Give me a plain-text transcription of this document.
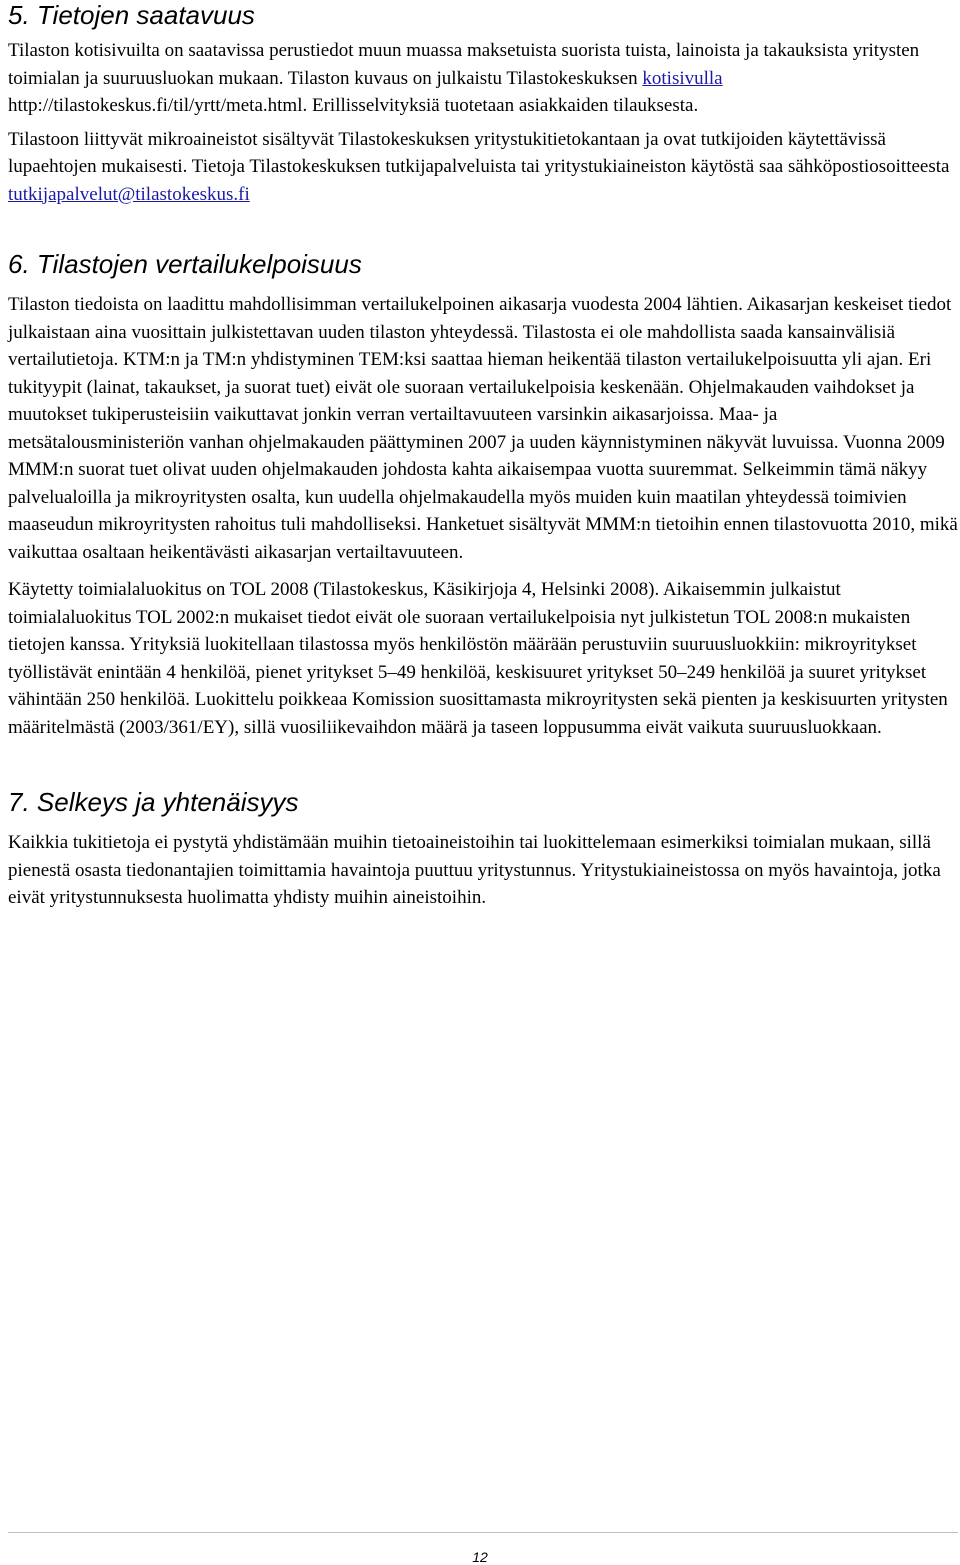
5. Tietojen saatavuus

Tilaston kotisivuilta on saatavissa perustiedot muun muassa maksetuista suorista tuista, lainoista ja takauksista yritysten toimialan ja suuruusluokan mukaan. Tilaston kuvaus on julkaistu Tilastokeskuksen kotisivulla http://tilastokeskus.fi/til/yrtt/meta.html. Erillisselvityksiä tuotetaan asiakkaiden tilauksesta.

Tilastoon liittyvät mikroaineistot sisältyvät Tilastokeskuksen yritystukitietokantaan ja ovat tutkijoiden käytettävissä lupaehtojen mukaisesti. Tietoja Tilastokeskuksen tutkijapalveluista tai yritystukiaineiston käytöstä saa sähköpostiosoitteesta tutkijapalvelut@tilastokeskus.fi

6. Tilastojen vertailukelpoisuus

Tilaston tiedoista on laadittu mahdollisimman vertailukelpoinen aikasarja vuodesta 2004 lähtien. Aikasarjan keskeiset tiedot julkaistaan aina vuosittain julkistettavan uuden tilaston yhteydessä. Tilastosta ei ole mahdollista saada kansainvälisiä vertailutietoja. KTM:n ja TM:n yhdistyminen TEM:ksi saattaa hieman heikentää tilaston vertailukelpoisuutta yli ajan. Eri tukityypit (lainat, takaukset, ja suorat tuet) eivät ole suoraan vertailukelpoisia keskenään. Ohjelmakauden vaihdokset ja muutokset tukiperusteisiin vaikuttavat jonkin verran vertailtavuuteen varsinkin aikasarjoissa. Maa- ja metsätalousministeriön vanhan ohjelmakauden päättyminen 2007 ja uuden käynnistyminen näkyvät luvuissa. Vuonna 2009 MMM:n suorat tuet olivat uuden ohjelmakauden johdosta kahta aikaisempaa vuotta suuremmat. Selkeimmin tämä näkyy palvelualoilla ja mikroyritysten osalta, kun uudella ohjelmakaudella myös muiden kuin maatilan yhteydessä toimivien maaseudun mikroyritysten rahoitus tuli mahdolliseksi. Hanketuet sisältyvät MMM:n tietoihin ennen tilastovuotta 2010, mikä vaikuttaa osaltaan heikentävästi aikasarjan vertailtavuuteen.

Käytetty toimialaluokitus on TOL 2008 (Tilastokeskus, Käsikirjoja 4, Helsinki 2008). Aikaisemmin julkaistut toimialaluokitus TOL 2002:n mukaiset tiedot eivät ole suoraan vertailukelpoisia nyt julkistetun TOL 2008:n mukaisten tietojen kanssa. Yrityksiä luokitellaan tilastossa myös henkilöstön määrään perustuviin suuruusluokkiin: mikroyritykset työllistävät enintään 4 henkilöä, pienet yritykset 5–49 henkilöä, keskisuuret yritykset 50–249 henkilöä ja suuret yritykset vähintään 250 henkilöä. Luokittelu poikkeaa Komission suosittamasta mikroyritysten sekä pienten ja keskisuurten yritysten määritelmästä (2003/361/EY), sillä vuosiliikevaihdon määrä ja taseen loppusumma eivät vaikuta suuruusluokkaan.

7. Selkeys ja yhtenäisyys

Kaikkia tukitietoja ei pystytä yhdistämään muihin tietoaineistoihin tai luokittelemaan esimerkiksi toimialan mukaan, sillä pienestä osasta tiedonantajien toimittamia havaintoja puuttuu yritystunnus. Yritystukiaineistossa on myös havaintoja, jotka eivät yritystunnuksesta huolimatta yhdisty muihin aineistoihin.

12
